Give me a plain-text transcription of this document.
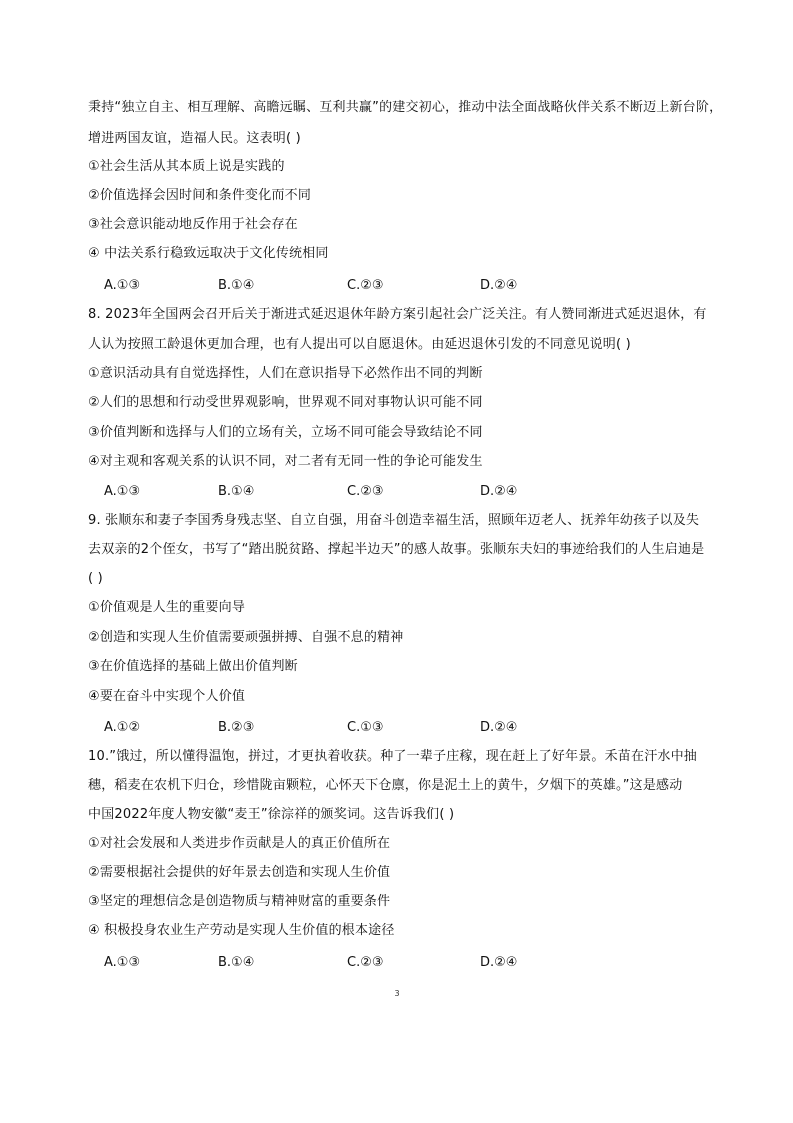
秉持“独立自主、相互理解、高瞻远瞩、互利共赢”的建交初心，推动中法全面战略伙伴关系不断迈上新台阶，
增进两国友谊，造福人民。这表明( )
①社会生活从其本质上说是实践的
②价值选择会因时间和条件变化而不同
③社会意识能动地反作用于社会存在
④ 中法关系行稳致远取决于文化传统相同
A.①③	B.①④	C.②③	D.②④
8. 2023年全国两会召开后关于渐进式延迟退休年龄方案引起社会广泛关注。有人赞同渐进式延迟退休，有
人认为按照工龄退休更加合理，也有人提出可以自愿退休。由延迟退休引发的不同意见说明( )
①意识活动具有自觉选择性，人们在意识指导下必然作出不同的判断
②人们的思想和行动受世界观影响，世界观不同对事物认识可能不同
③价值判断和选择与人们的立场有关，立场不同可能会导致结论不同
④对主观和客观关系的认识不同，对二者有无同一性的争论可能发生
A.①③	B.①④	C.②③	D.②④
9. 张顺东和妻子李国秀身残志坚、自立自强，用奋斗创造幸福生活，照顾年迈老人、抚养年幼孩子以及失
去双亲的2个侄女，书写了“踏出脱贫路、撑起半边天”的感人故事。张顺东夫妇的事迹给我们的人生启迪是
( )
①价值观是人生的重要向导
②创造和实现人生价值需要顽强拼搏、自强不息的精神
③在价值选择的基础上做出价值判断
④要在奋斗中实现个人价值
A.①②	B.②③	C.①③	D.②④
10.”饿过，所以懂得温饱，拼过，才更执着收获。种了一辈子庄稼，现在赶上了好年景。禾苗在汗水中抽
穗，稻麦在农机下归仓，珍惜陇亩颗粒，心怀天下仓廪，你是泥土上的黄牛，夕烟下的英雄。”这是感动
中国2022年度人物安徽“麦王”徐淙祥的颁奖词。这告诉我们( )
①对社会发展和人类进步作贡献是人的真正价值所在
②需要根据社会提供的好年景去创造和实现人生价值
③坚定的理想信念是创造物质与精神财富的重要条件
④ 积极投身农业生产劳动是实现人生价值的根本途径
A.①③	B.①④	C.②③	D.②④
3
